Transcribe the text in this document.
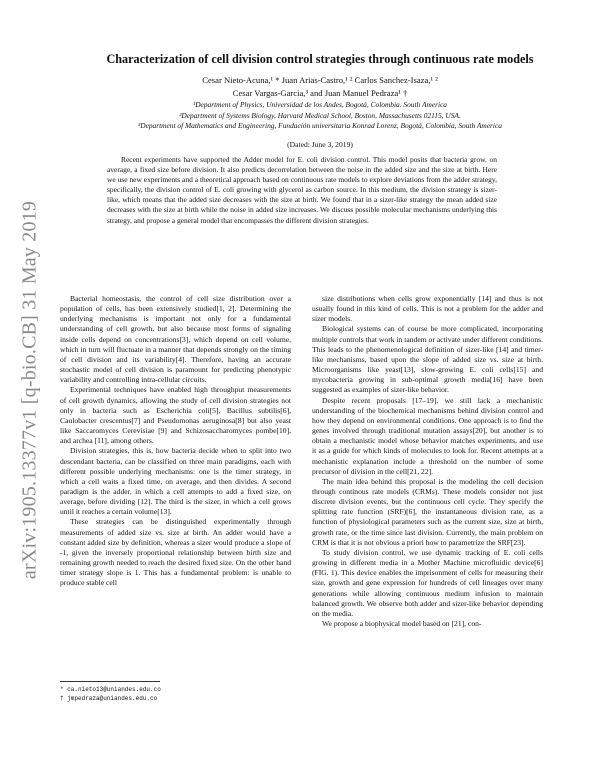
arXiv:1905.13377v1 [q-bio.CB] 31 May 2019
Characterization of cell division control strategies through continuous rate models
Cesar Nieto-Acuna,¹ * Juan Arias-Castro,¹ ² Carlos Sanchez-Isaza,¹ ²
Cesar Vargas-Garcia,³ and Juan Manuel Pedraza¹ †
¹Department of Physics, Universidad de los Andes, Bogotá, Colombia. South America
²Department of Systems Biology, Harvard Medical School, Boston, Massachusetts 02115, USA.
³Department of Mathematics and Engineering, Fundación universitaria Konrad Lorenz, Bogotá, Colombia, South America
(Dated: June 3, 2019)
Recent experiments have supported the Adder model for E. coli division control. This model posits that bacteria grow, on average, a fixed size before division. It also predicts decorrelation between the noise in the added size and the size at birth. Here we use new experiments and a theoretical approach based on continuous rate models to explore deviations from the adder strategy, specifically, the division control of E. coli growing with glycerol as carbon source. In this medium, the division strategy is sizer-like, which means that the added size decreases with the size at birth. We found that in a sizer-like strategy the mean added size decreases with the size at birth while the noise in added size increases. We discuss possible molecular mechanisms underlying this strategy, and propose a general model that encompasses the different division strategies.

Bacterial homeostasis, the control of cell size distribution over a population of cells, has been extensively studied[1, 2]. Determining the underlying mechanisms is important not only for a fundamental understanding of cell growth, but also because most forms of signaling inside cells depend on concentrations[3], which depend on cell volume, which in turn will fluctuate in a manner that depends strongly on the timing of cell division and its variability[4]. Therefore, having an accurate stochastic model of cell division is paramount for predicting phenotypic variability and controlling intra-cellular circuits.

Experimental techniques have enabled high throughput measurements of cell growth dynamics, allowing the study of cell division strategies not only in bacteria such as Escherichia coli[5], Bacillus subtilis[6], Caulobacter crescentus[7] and Pseudomonas aeruginosa[8] but also yeast like Saccaromyces Cerevisiae [9] and Schizosaccharomyces pombe[10], and archea [11], among others.

Division strategies, this is, how bacteria decide when to split into two descendant bacteria, can be classified on three main paradigms, each with different possible underlying mechanisms: one is the timer strategy, in which a cell waits a fixed time, on average, and then divides. A second paradigm is the adder, in which a cell attempts to add a fixed size, on average, before dividing [12]. The third is the sizer, in which a cell grows until it reaches a certain volume[13].

These strategies can be distinguished experimentally through measurements of added size vs. size at birth. An adder would have a constant added size by definition, whereas a sizer would produce a slope of -1, given the inversely proportional relationship between birth size and remaining growth needed to reach the desired fixed size. On the other hand timer strategy slope is 1. This has a fundamental problem: is unable to produce stable cell

size distributions when cells grow exponentially [14] and thus is not usually found in this kind of cells. This is not a problem for the adder and sizer models.

Biological systems can of course be more complicated, incorporating multiple controls that work in tandem or activate under different conditions. This leads to the phenomenological definition of sizer-like [14] and timer-like mechanisms, based upon the slope of added size vs. size at birth. Microorganisms like yeast[13], slow-growing E. coli cells[15] and mycobacteria growing in sub-optimal growth media[16] have been suggested as examples of sizer-like behavior.

Despite recent proposals [17–19], we still lack a mechanistic understanding of the biochemical mechanisms behind division control and how they depend on environmental conditions. One approach is to find the genes involved through traditional mutation assays[20], but another is to obtain a mechanistic model whose behavior matches experiments, and use it as a guide for which kinds of molecules to look for. Recent attempts at a mechanistic explanation include a threshold on the number of some precursor of division in the cell[21, 22].

The main idea behind this proposal is the modeling the cell decision through continous rate models (CRMs). These models consider not just discrete division events, but the continuous cell cycle. They specify the splitting rate function (SRF)[6], the instantaneous division rate, as a function of physiological parameters such as the current size, size at birth, growth rate, or the time since last division. Currently, the main problem on CRM is that it is not obvious a priori how to parametrize the SRF[23].

To study division control, we use dynamic tracking of E. coli cells growing in different media in a Mother Machine microfluidic device[6] (FIG. 1). This device enables the imprisonment of cells for measuring their size, growth and gene expression for hundreds of cell lineages over many generations while allowing continuous medium infusion to maintain balanced growth. We observe both adder and sizer-like behavior depending on the media.

We propose a biophysical model based on [21], con-

* ca.nieto13@uniandes.edu.co
† jmpedraza@uniandes.edu.co
